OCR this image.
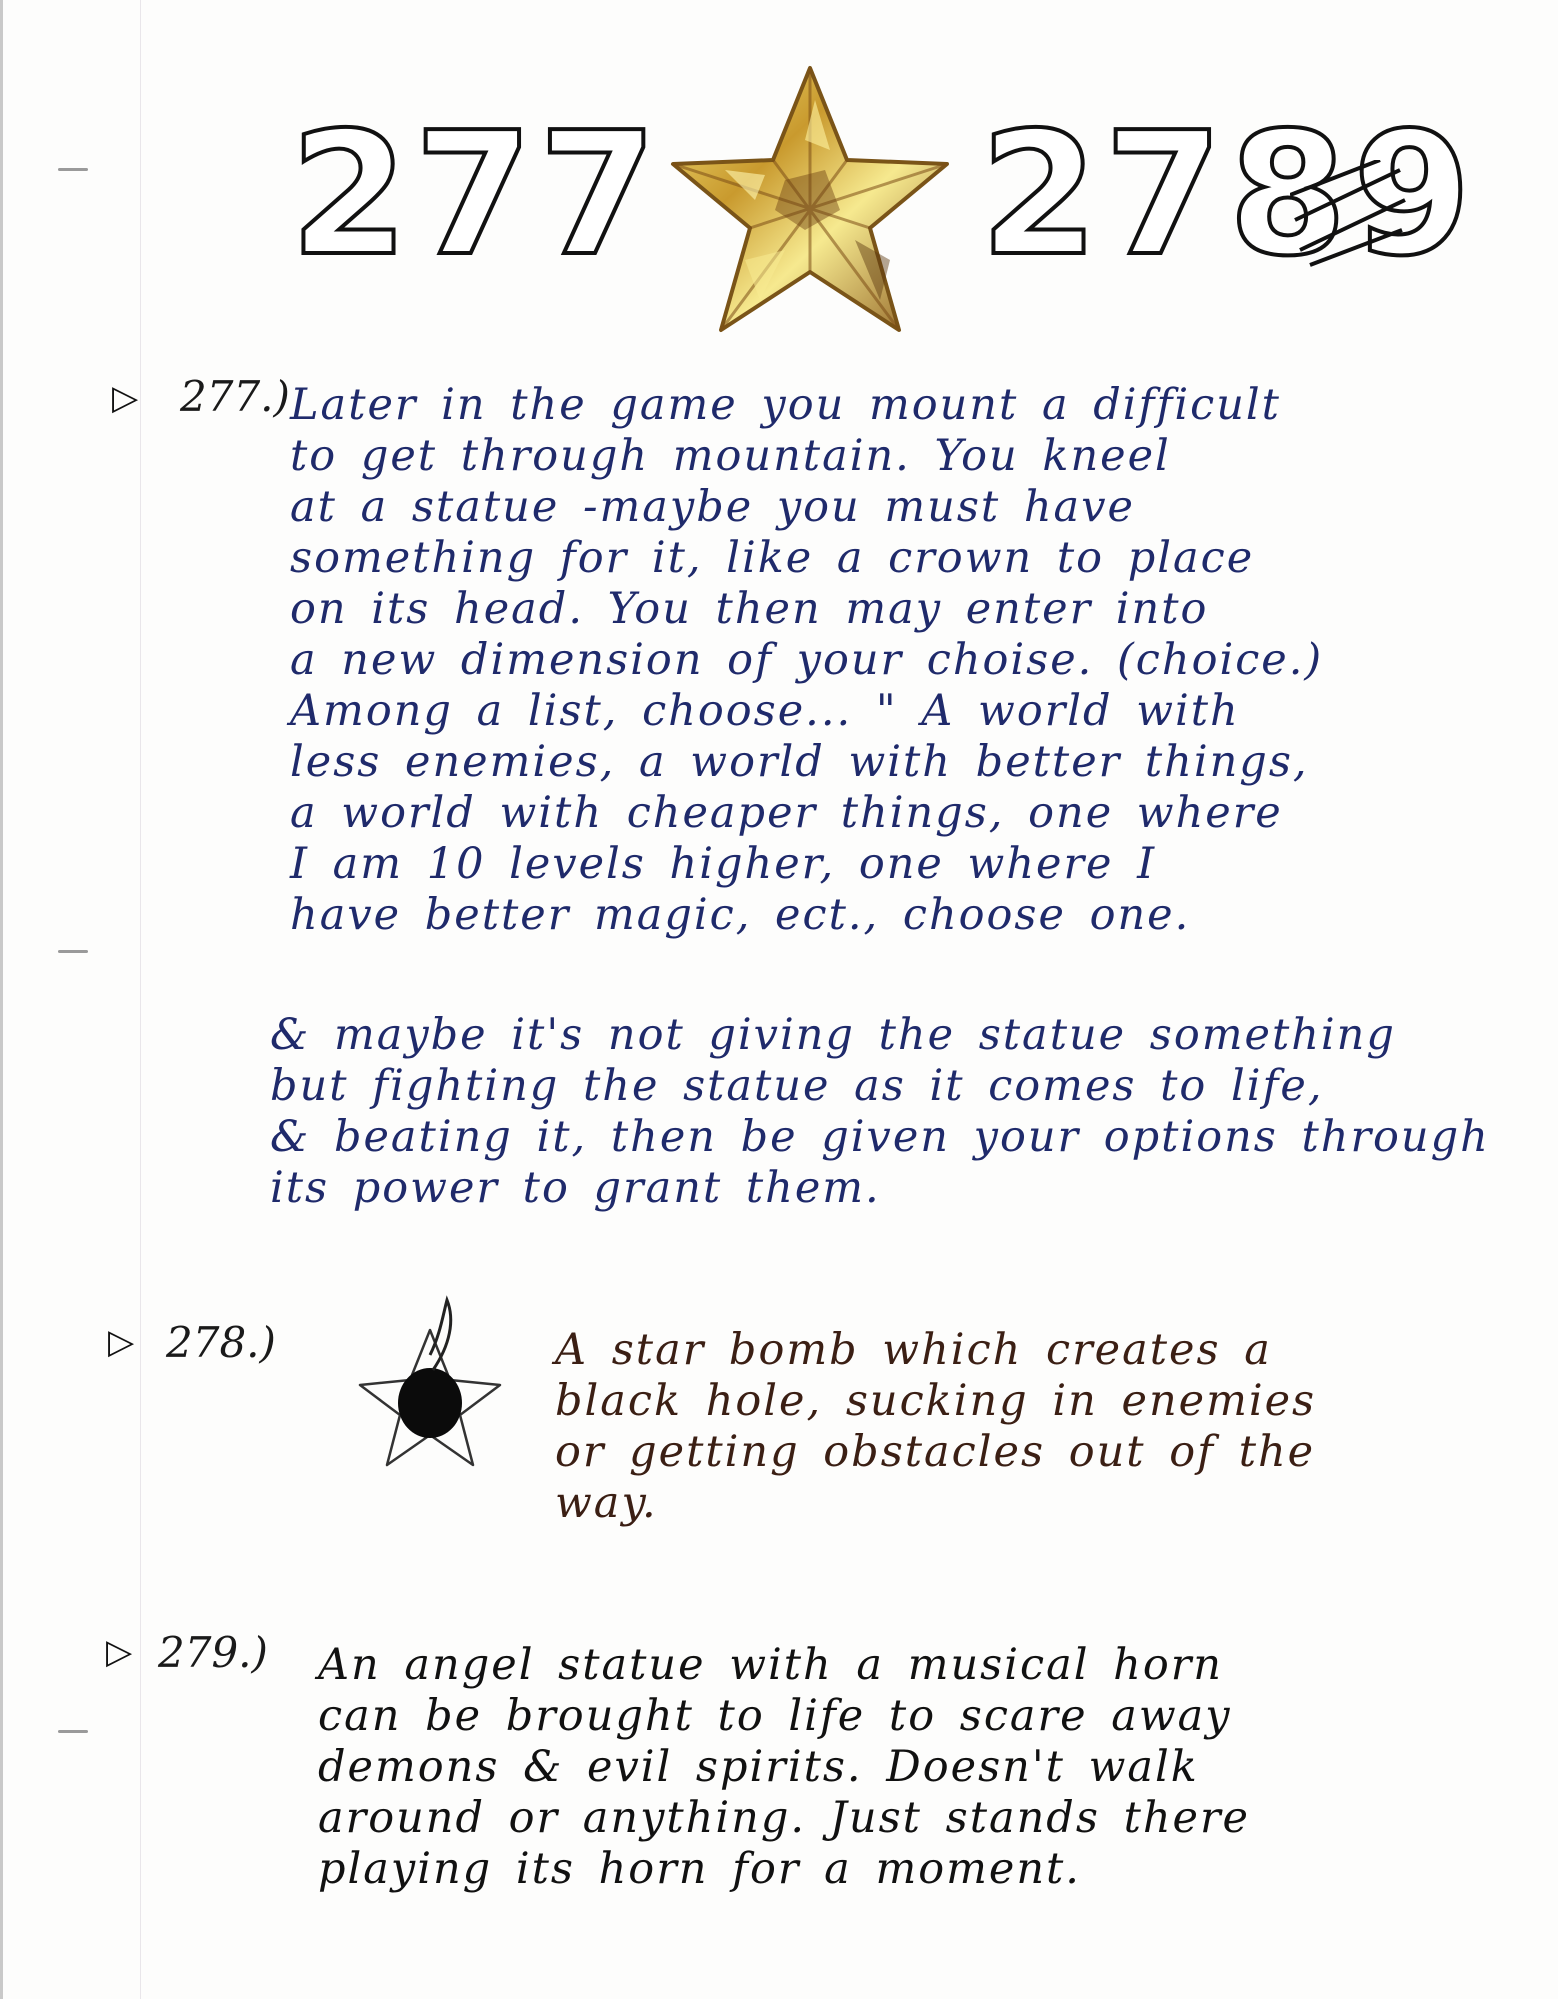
277 2789
▷ 277.) Later in the game you mount a difficult
to get through mountain. You kneel
at a statue -maybe you must have
something for it, like a crown to place
on its head. You then may enter into
a new dimension of your choise. (choice.)
Among a list, choose... " A world with
less enemies, a world with better things,
a world with cheaper things, one where
I am 10 levels higher, one where I
have better magic, ect., choose one.

& maybe it's not giving the statue something
but fighting the statue as it comes to life,
& beating it, then be given your options through
its power to grant them.

▷ 278.)	A star bomb which creates a
black hole, sucking in enemies
or getting obstacles out of the
way.

▷ 279.) An angel statue with a musical horn
can be brought to life to scare away
demons & evil spirits. Doesn't walk
around or anything. Just stands there
playing its horn for a moment.
